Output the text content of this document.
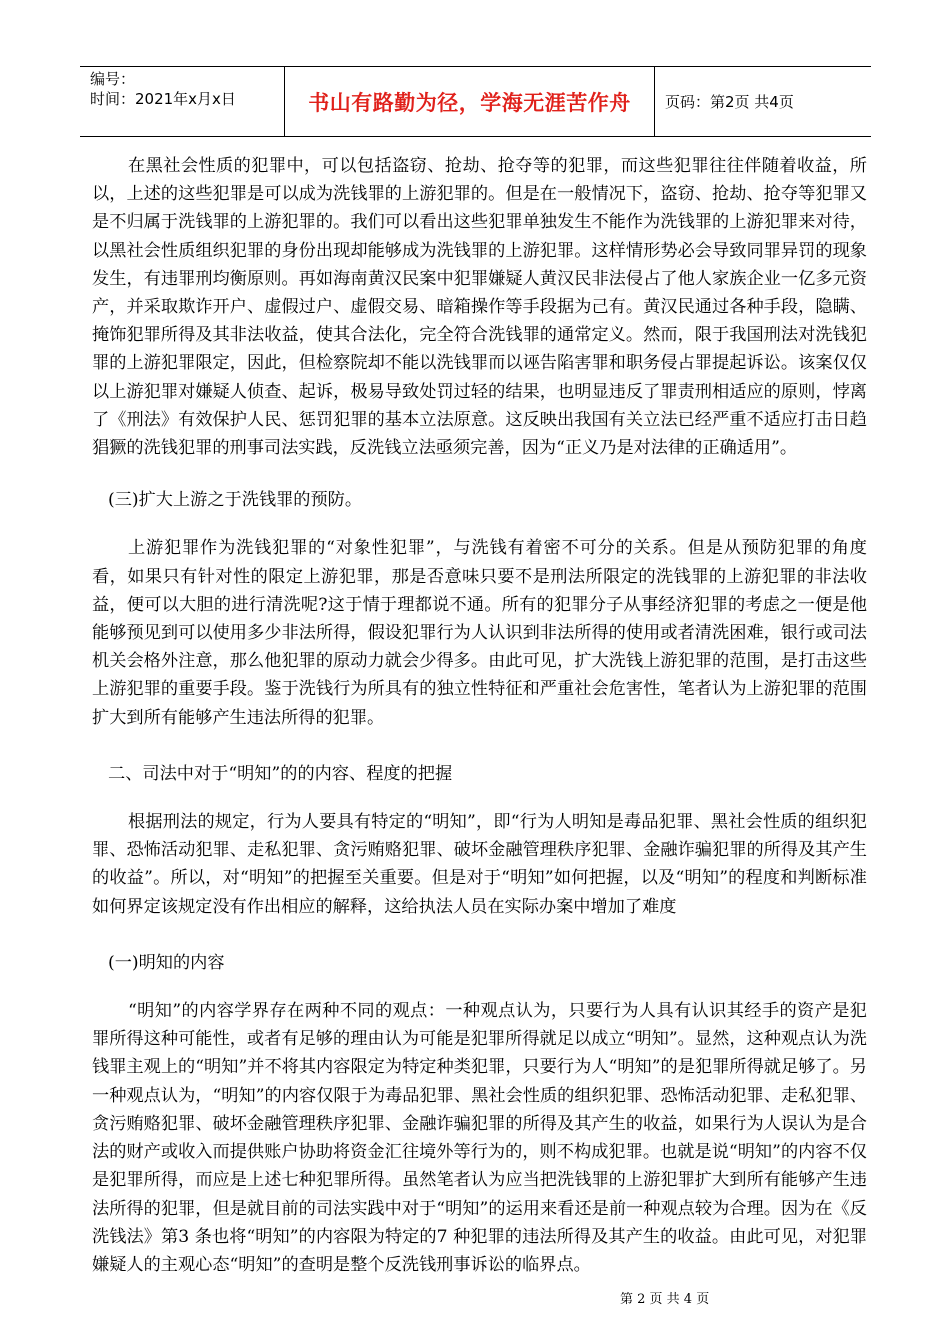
编号：
时间：2021年x月x日	书山有路勤为径，学海无涯苦作舟	页码：第2页 共4页

在黑社会性质的犯罪中，可以包括盗窃、抢劫、抢夺等的犯罪，而这些犯罪往往伴随着收益，所以，上述的这些犯罪是可以成为洗钱罪的上游犯罪的。但是在一般情况下，盗窃、抢劫、抢夺等犯罪又是不归属于洗钱罪的上游犯罪的。我们可以看出这些犯罪单独发生不能作为洗钱罪的上游犯罪来对待，以黑社会性质组织犯罪的身份出现却能够成为洗钱罪的上游犯罪。这样情形势必会导致同罪异罚的现象发生，有违罪刑均衡原则。再如海南黄汉民案中犯罪嫌疑人黄汉民非法侵占了他人家族企业一亿多元资产，并采取欺诈开户、虚假过户、虚假交易、暗箱操作等手段据为己有。黄汉民通过各种手段，隐瞒、掩饰犯罪所得及其非法收益，使其合法化，完全符合洗钱罪的通常定义。然而，限于我国刑法对洗钱犯罪的上游犯罪限定，因此，但检察院却不能以洗钱罪而以诬告陷害罪和职务侵占罪提起诉讼。该案仅仅以上游犯罪对嫌疑人侦查、起诉，极易导致处罚过轻的结果，也明显违反了罪责刑相适应的原则，悖离了《刑法》有效保护人民、惩罚犯罪的基本立法原意。这反映出我国有关立法已经严重不适应打击日趋猖獗的洗钱犯罪的刑事司法实践，反洗钱立法亟须完善，因为“正义乃是对法律的正确适用”。

(三)扩大上游之于洗钱罪的预防。

上游犯罪作为洗钱犯罪的“对象性犯罪”，与洗钱有着密不可分的关系。但是从预防犯罪的角度看，如果只有针对性的限定上游犯罪，那是否意味只要不是刑法所限定的洗钱罪的上游犯罪的非法收益，便可以大胆的进行清洗呢?这于情于理都说不通。所有的犯罪分子从事经济犯罪的考虑之一便是他能够预见到可以使用多少非法所得，假设犯罪行为人认识到非法所得的使用或者清洗困难，银行或司法机关会格外注意，那么他犯罪的原动力就会少得多。由此可见，扩大洗钱上游犯罪的范围，是打击这些上游犯罪的重要手段。鉴于洗钱行为所具有的独立性特征和严重社会危害性，笔者认为上游犯罪的范围扩大到所有能够产生违法所得的犯罪。

二、司法中对于“明知”的的内容、程度的把握

根据刑法的规定，行为人要具有特定的“明知”，即“行为人明知是毒品犯罪、黑社会性质的组织犯罪、恐怖活动犯罪、走私犯罪、贪污贿赂犯罪、破坏金融管理秩序犯罪、金融诈骗犯罪的所得及其产生的收益”。所以，对“明知”的把握至关重要。但是对于“明知”如何把握，以及“明知”的程度和判断标准如何界定该规定没有作出相应的解释，这给执法人员在实际办案中增加了难度

(一)明知的内容

“明知”的内容学界存在两种不同的观点：一种观点认为，只要行为人具有认识其经手的资产是犯罪所得这种可能性，或者有足够的理由认为可能是犯罪所得就足以成立“明知”。显然，这种观点认为洗钱罪主观上的“明知”并不将其内容限定为特定种类犯罪，只要行为人“明知”的是犯罪所得就足够了。另一种观点认为，“明知”的内容仅限于为毒品犯罪、黑社会性质的组织犯罪、恐怖活动犯罪、走私犯罪、贪污贿赂犯罪、破坏金融管理秩序犯罪、金融诈骗犯罪的所得及其产生的收益，如果行为人误认为是合法的财产或收入而提供账户协助将资金汇往境外等行为的，则不构成犯罪。也就是说“明知”的内容不仅是犯罪所得，而应是上述七种犯罪所得。虽然笔者认为应当把洗钱罪的上游犯罪扩大到所有能够产生违法所得的犯罪，但是就目前的司法实践中对于“明知”的运用来看还是前一种观点较为合理。因为在《反洗钱法》第3 条也将“明知”的内容限为特定的7 种犯罪的违法所得及其产生的收益。由此可见，对犯罪嫌疑人的主观心态“明知”的查明是整个反洗钱刑事诉讼的临界点。

第 2 页 共 4 页
